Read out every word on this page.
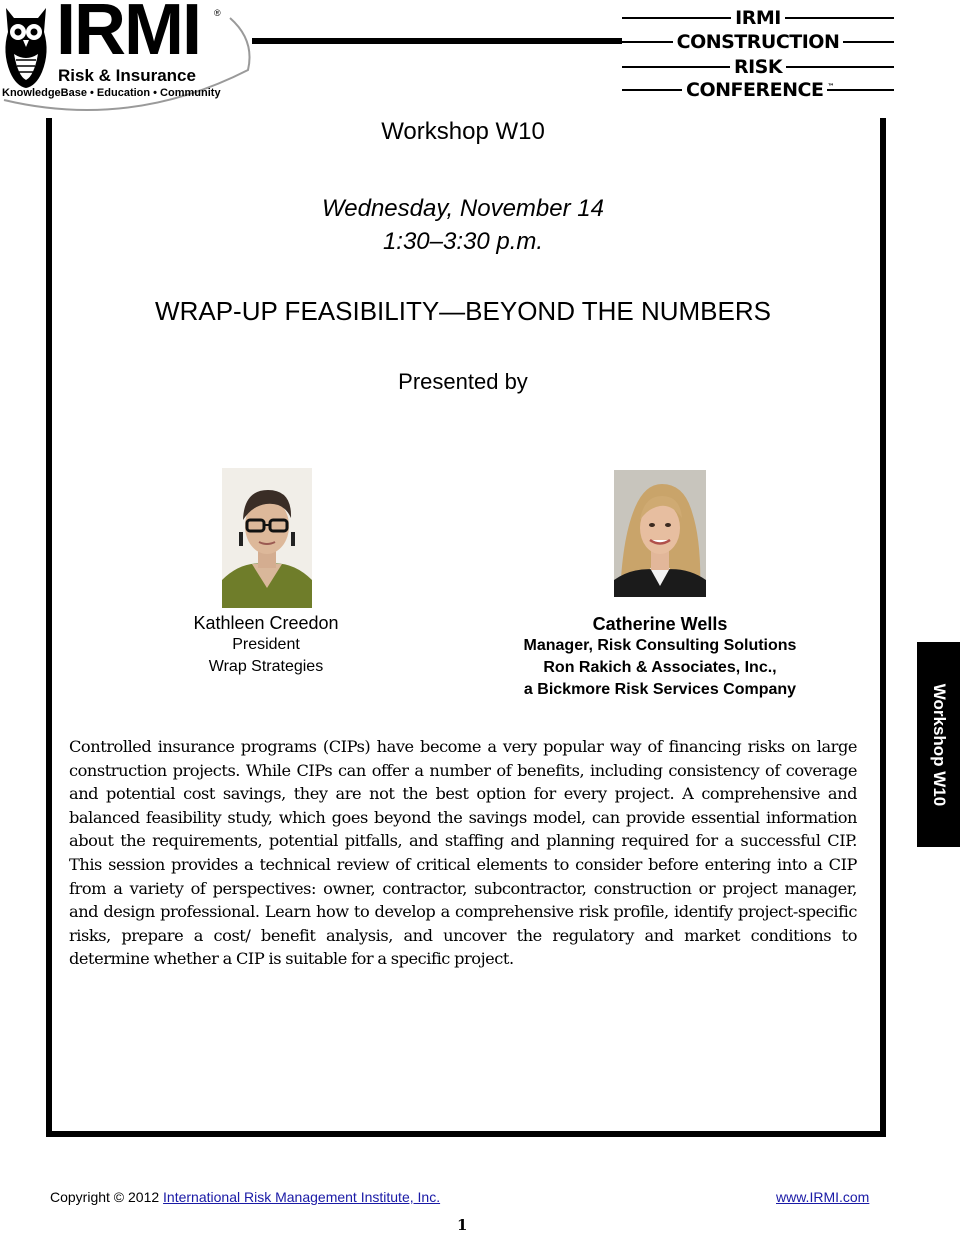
IRMI ®
Risk & Insurance
KnowledgeBase • Education • Community
IRMI
CONSTRUCTION
RISK
CONFERENCE ™
Workshop W10
Wednesday, November 14
1:30–3:30 p.m.
WRAP-UP FEASIBILITY—BEYOND THE NUMBERS
Presented by
Kathleen Creedon
President
Wrap Strategies
Catherine Wells
Manager, Risk Consulting Solutions
Ron Rakich & Associates, Inc.,
a Bickmore Risk Services Company
Controlled insurance programs (CIPs) have become a very popular way of financing risks on large construction projects. While CIPs can offer a number of benefits, including consistency of coverage and potential cost savings, they are not the best option for every project. A comprehensive and balanced feasibility study, which goes beyond the savings model, can provide essential information about the requirements, potential pitfalls, and staffing and planning required for a successful CIP. This session provides a technical review of critical elements to consider before entering into a CIP from a variety of perspectives: owner, contractor, subcontractor, construction or project manager, and design professional. Learn how to develop a comprehensive risk profile, identify project-specific risks, prepare a cost/ benefit analysis, and uncover the regulatory and market conditions to determine whether a CIP is suitable for a specific project.
Workshop W10
Copyright © 2012 International Risk Management Institute, Inc.	www.IRMI.com
1
